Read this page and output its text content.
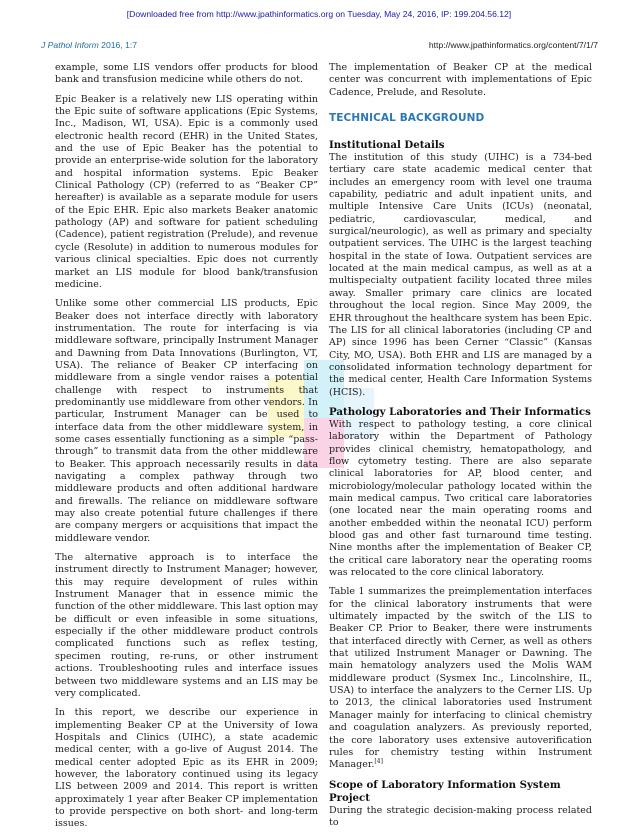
[Downloaded free from http://www.jpathinformatics.org on Tuesday, May 24, 2016, IP: 199.204.56.12]
J Pathol Inform 2016, 1:7	http://www.jpathinformatics.org/content/7/1/7

example, some LIS vendors offer products for blood bank and transfusion medicine while others do not.

Epic Beaker is a relatively new LIS operating within the Epic suite of software applications (Epic Systems, Inc., Madison, WI, USA). Epic is a commonly used electronic health record (EHR) in the United States, and the use of Epic Beaker has the potential to provide an enterprise-wide solution for the laboratory and hospital information systems. Epic Beaker Clinical Pathology (CP) (referred to as “Beaker CP” hereafter) is available as a separate module for users of the Epic EHR. Epic also markets Beaker anatomic pathology (AP) and software for patient scheduling (Cadence), patient registration (Prelude), and revenue cycle (Resolute) in addition to numerous modules for various clinical specialties. Epic does not currently market an LIS module for blood bank/transfusion medicine.

Unlike some other commercial LIS products, Epic Beaker does not interface directly with laboratory instrumentation. The route for interfacing is via middleware software, principally Instrument Manager and Dawning from Data Innovations (Burlington, VT, USA). The reliance of Beaker CP interfacing on middleware from a single vendor raises a potential challenge with respect to instruments that predominantly use middleware from other vendors. In particular, Instrument Manager can be used to interface data from the other middleware system, in some cases essentially functioning as a simple “pass-through” to transmit data from the other middleware to Beaker. This approach necessarily results in data navigating a complex pathway through two middleware products and often additional hardware and firewalls. The reliance on middleware software may also create potential future challenges if there are company mergers or acquisitions that impact the middleware vendor.

The alternative approach is to interface the instrument directly to Instrument Manager; however, this may require development of rules within Instrument Manager that in essence mimic the function of the other middleware. This last option may be difficult or even infeasible in some situations, especially if the other middleware product controls complicated functions such as reflex testing, specimen routing, re-runs, or other instrument actions. Troubleshooting rules and interface issues between two middleware systems and an LIS may be very complicated.

In this report, we describe our experience in implementing Beaker CP at the University of Iowa Hospitals and Clinics (UIHC), a state academic medical center, with a go-live of August 2014. The medical center adopted Epic as its EHR in 2009; however, the laboratory continued using its legacy LIS between 2009 and 2014. This report is written approximately 1 year after Beaker CP implementation to provide perspective on both short- and long-term issues.

The implementation of Beaker CP at the medical center was concurrent with implementations of Epic Cadence, Prelude, and Resolute.

TECHNICAL BACKGROUND
Institutional Details

The institution of this study (UIHC) is a 734-bed tertiary care state academic medical center that includes an emergency room with level one trauma capability, pediatric and adult inpatient units, and multiple Intensive Care Units (ICUs) (neonatal, pediatric, cardiovascular, medical, and surgical/neurologic), as well as primary and specialty outpatient services. The UIHC is the largest teaching hospital in the state of Iowa. Outpatient services are located at the main medical campus, as well as at a multispecialty outpatient facility located three miles away. Smaller primary care clinics are located throughout the local region. Since May 2009, the EHR throughout the healthcare system has been Epic. The LIS for all clinical laboratories (including CP and AP) since 1996 has been Cerner “Classic” (Kansas City, MO, USA). Both EHR and LIS are managed by a consolidated information technology department for the medical center, Health Care Information Systems (HCIS).

Pathology Laboratories and Their Informatics

With respect to pathology testing, a core clinical laboratory within the Department of Pathology provides clinical chemistry, hematopathology, and flow cytometry testing. There are also separate clinical laboratories for AP, blood center, and microbiology/molecular pathology located within the main medical campus. Two critical care laboratories (one located near the main operating rooms and another embedded within the neonatal ICU) perform blood gas and other fast turnaround time testing. Nine months after the implementation of Beaker CP, the critical care laboratory near the operating rooms was relocated to the core clinical laboratory.

Table 1 summarizes the preimplementation interfaces for the clinical laboratory instruments that were ultimately impacted by the switch of the LIS to Beaker CP. Prior to Beaker, there were instruments that interfaced directly with Cerner, as well as others that utilized Instrument Manager or Dawning. The main hematology analyzers used the Molis WAM middleware product (Sysmex Inc., Lincolnshire, IL, USA) to interface the analyzers to the Cerner LIS. Up to 2013, the clinical laboratories used Instrument Manager mainly for interfacing to clinical chemistry and coagulation analyzers. As previously reported, the core laboratory uses extensive autoverification rules for chemistry testing within Instrument Manager.[4]

Scope of Laboratory Information System Project

During the strategic decision-making process related to
